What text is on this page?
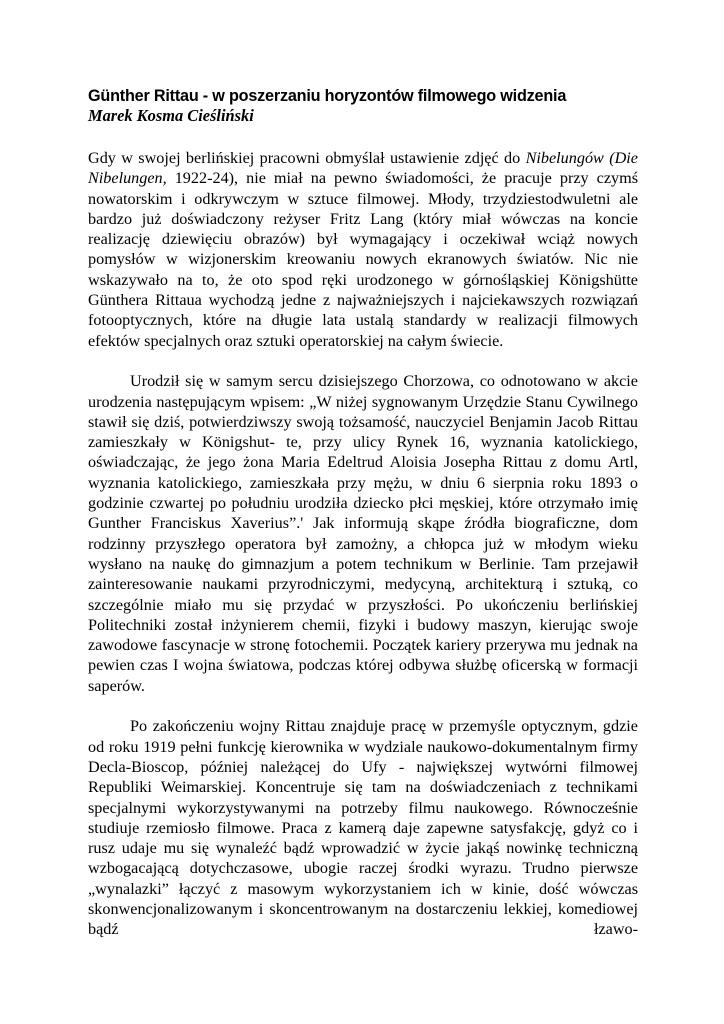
Günther Rittau - w poszerzaniu horyzontów filmowego widzenia
Marek Kosma Cieśliński

Gdy w swojej berlińskiej pracowni obmyślał ustawienie zdjęć do Nibelungów (Die Nibelungen, 1922-24), nie miał na pewno świadomości, że pracuje przy czymś nowatorskim i odkrywczym w sztuce filmowej. Młody, trzydziestodwuletni ale bardzo już doświadczony reżyser Fritz Lang (który miał wówczas na koncie realizację dziewięciu obrazów) był wymagający i oczekiwał wciąż nowych pomysłów w wizjonerskim kreowaniu nowych ekranowych światów. Nic nie wskazywało na to, że oto spod ręki urodzonego w górnośląskiej Königshütte Günthera Rittaua wychodzą jedne z najważniejszych i najciekawszych rozwiązań fotooptycznych, które na długie lata ustalą standardy w realizacji filmowych efektów specjalnych oraz sztuki operatorskiej na całym świecie.

Urodził się w samym sercu dzisiejszego Chorzowa, co odnotowano w akcie urodzenia następującym wpisem: „W niżej sygnowanym Urzędzie Stanu Cywilnego stawił się dziś, potwierdziwszy swoją tożsamość, nauczyciel Benjamin Jacob Rittau zamieszkały w Königshut- te, przy ulicy Rynek 16, wyznania katolickiego, oświadczając, że jego żona Maria Edeltrud Aloisia Josepha Rittau z domu Artl, wyznania katolickiego, zamieszkała przy mężu, w dniu 6 sierpnia roku 1893 o godzinie czwartej po południu urodziła dziecko płci męskiej, które otrzymało imię Gunther Franciskus Xaverius”.' Jak informują skąpe źródła biograficzne, dom rodzinny przyszłego operatora był zamożny, a chłopca już w młodym wieku wysłano na naukę do gimnazjum a potem technikum w Berlinie. Tam przejawił zainteresowanie naukami przyrodniczymi, medycyną, architekturą i sztuką, co szczególnie miało mu się przydać w przyszłości. Po ukończeniu berlińskiej Politechniki został inżynierem chemii, fizyki i budowy maszyn, kierując swoje zawodowe fascynacje w stronę fotochemii. Początek kariery przerywa mu jednak na pewien czas I wojna światowa, podczas której odbywa służbę oficerską w formacji saperów.

Po zakończeniu wojny Rittau znajduje pracę w przemyśle optycznym, gdzie od roku 1919 pełni funkcję kierownika w wydziale naukowo-dokumentalnym firmy Decla-Bioscop, później należącej do Ufy - największej wytwórni filmowej Republiki Weimarskiej. Koncentruje się tam na doświadczeniach z technikami specjalnymi wykorzystywanymi na potrzeby filmu naukowego. Równocześnie studiuje rzemiosło filmowe. Praca z kamerą daje zapewne satysfakcję, gdyż co i rusz udaje mu się wynaleźć bądź wprowadzić w życie jakąś nowinkę techniczną wzbogacającą dotychczasowe, ubogie raczej środki wyrazu. Trudno pierwsze „wynalazki” łączyć z masowym wykorzystaniem ich w kinie, dość wówczas skonwencjonalizowanym i skoncentrowanym na dostarczeniu lekkiej, komediowej bądź łzawo-
